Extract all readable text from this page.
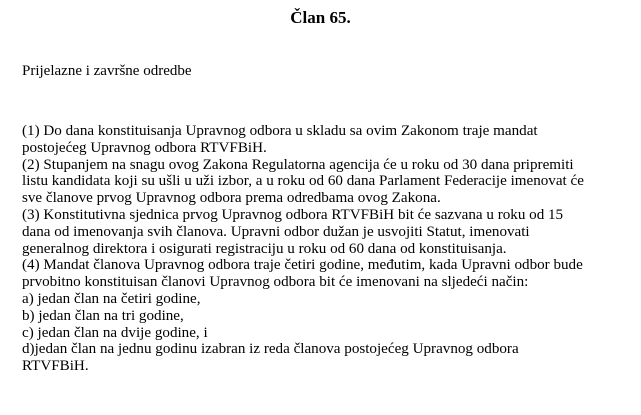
Član 65.
Prijelazne i završne odredbe
(1) Do dana konstituisanja Upravnog odbora u skladu sa ovim Zakonom traje mandat
postojećeg Upravnog odbora RTVFBiH.
(2) Stupanjem na snagu ovog Zakona Regulatorna agencija će u roku od 30 dana pripremiti
listu kandidata koji su ušli u uži izbor, a u roku od 60 dana Parlament Federacije imenovat će
sve članove prvog Upravnog odbora prema odredbama ovog Zakona.
(3) Konstitutivna sjednica prvog Upravnog odbora RTVFBiH bit će sazvana u roku od 15
dana od imenovanja svih članova. Upravni odbor dužan je usvojiti Statut, imenovati
generalnog direktora i osigurati registraciju u roku od 60 dana od konstituisanja.
(4) Mandat članova Upravnog odbora traje četiri godine, međutim, kada Upravni odbor bude
prvobitno konstituisan članovi Upravnog odbora bit će imenovani na sljedeći način:
a) jedan član na četiri godine,
b) jedan član na tri godine,
c) jedan član na dvije godine, i
d)jedan član na jednu godinu izabran iz reda članova postojećeg Upravnog odbora
RTVFBiH.
